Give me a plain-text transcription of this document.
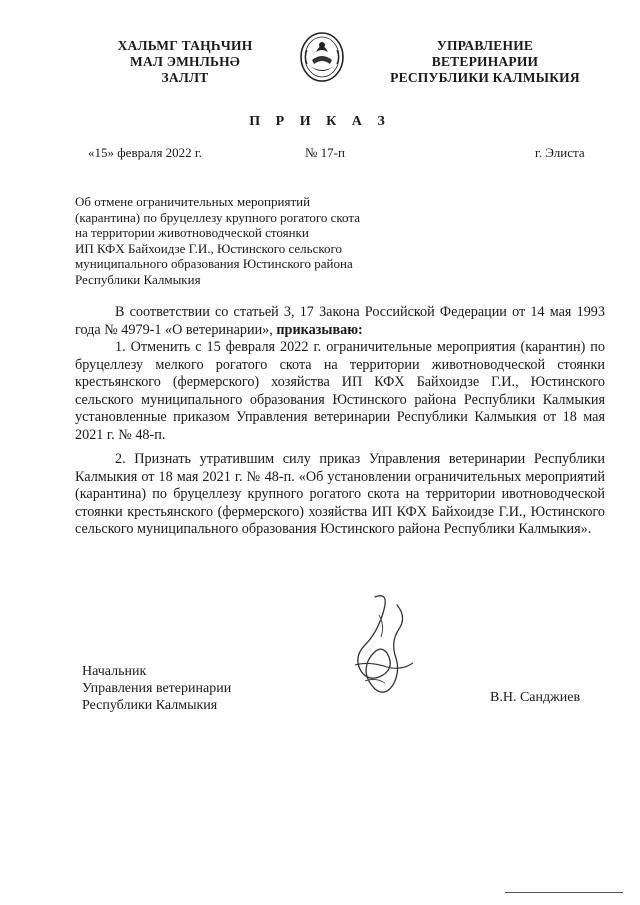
ХАЛЬМГ ТАҢҺЧИН
МАЛ ЭМНЛЬНӘ
ЗАЛЛТ
УПРАВЛЕНИЕ
ВЕТЕРИНАРИИ
РЕСПУБЛИКИ КАЛМЫКИЯ
П Р И К А З
«15» февраля 2022 г.	№ 17-п	г. Элиста
Об отмене ограничительных мероприятий
(карантина) по бруцеллезу крупного рогатого скота
на территории животноводческой стоянки
ИП КФХ Байхоидзе Г.И., Юстинского сельского
муниципального образования Юстинского района
Республики Калмыкия

В соответствии со статьей 3, 17 Закона Российской Федерации от 14 мая 1993 года № 4979-1 «О ветеринарии», приказываю:

1. Отменить с 15 февраля 2022 г. ограничительные мероприятия (карантин) по бруцеллезу мелкого рогатого скота на территории животноводческой стоянки крестьянского (фермерского) хозяйства ИП КФХ Байхоидзе Г.И., Юстинского сельского муниципального образования Юстинского района Республики Калмыкия установленные приказом Управления ветеринарии Республики Калмыкия от 18 мая 2021 г. № 48-п.

2. Признать утратившим силу приказ Управления ветеринарии Республики Калмыкия от 18 мая 2021 г. № 48-п. «Об установлении ограничительных мероприятий (карантина) по бруцеллезу крупного рогатого скота на территории ивотноводческой стоянки крестьянского (фермерского) хозяйства ИП КФХ Байхоидзе Г.И., Юстинского сельского муниципального образования Юстинского района Республики Калмыкия».

Начальник
Управления ветеринарии
Республики Калмыкия
В.Н. Санджиев
